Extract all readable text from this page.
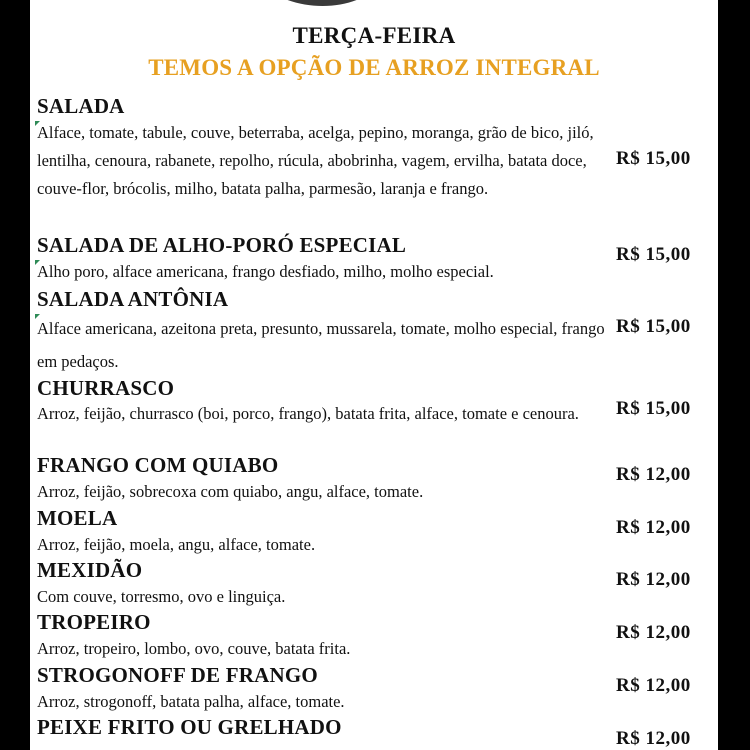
TERÇA-FEIRA
TEMOS A OPÇÃO DE ARROZ INTEGRAL
SALADA
Alface, tomate, tabule, couve, beterraba, acelga, pepino, moranga, grão de bico, jiló, lentilha, cenoura, rabanete, repolho, rúcula, abobrinha, vagem, ervilha, batata doce, couve-flor, brócolis, milho, batata palha, parmesão, laranja e frango.
R$ 15,00
SALADA DE ALHO-PORÓ ESPECIAL
Alho poro, alface americana, frango desfiado, milho, molho especial.
R$ 15,00
SALADA ANTÔNIA
Alface americana, azeitona preta, presunto, mussarela, tomate, molho especial, frango em pedaços.
R$ 15,00
CHURRASCO
Arroz, feijão, churrasco (boi, porco, frango), batata frita, alface, tomate e cenoura.	R$ 15,00
FRANGO COM QUIABO
Arroz, feijão, sobrecoxa com quiabo, angu, alface, tomate.
R$ 12,00
MOELA
Arroz, feijão, moela, angu, alface, tomate.
R$ 12,00
MEXIDÃO
Com couve, torresmo, ovo e linguiça.
R$ 12,00
TROPEIRO
Arroz, tropeiro, lombo, ovo, couve, batata frita.
R$ 12,00
STROGONOFF DE FRANGO
Arroz, strogonoff, batata palha, alface, tomate.
R$ 12,00
PEIXE FRITO OU GRELHADO	R$ 12,00
